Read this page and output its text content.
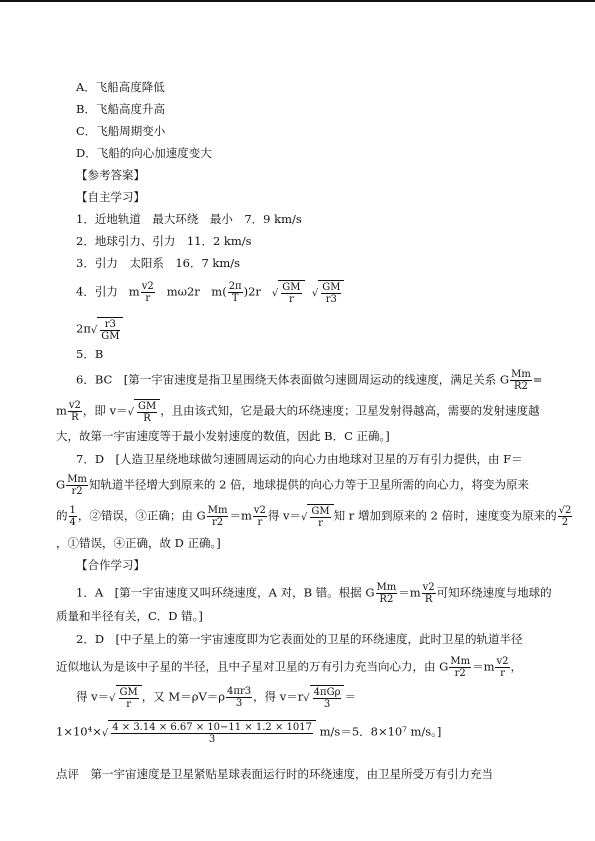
A．飞船高度降低
B．飞船高度升高
C．飞船周期变小
D．飞船的向心加速度变大
【参考答案】
【自主学习】
1．近地轨道　最大环绕　最小　7．9 km/s
2．地球引力、引力　11．2 km/s
3．引力　太阳系　16．7 km/s
4．引力 m $\frac{v2}{r} m\omega 2r$　$m( \frac{2\pi}{T} )2r$ √ $\frac{GM}{r}$ √ $\frac{GM}{r3}$
$2\pi√ \frac{r3}{GM}$
5．B
6．BC　[第一宇宙速度是指卫星围绕天体表面做匀速圆周运动的线速度，满足关系 G $\frac{Mm}{R2}$ =
m $\frac{v2}{R}$ ，即 $v=√ \frac{GM}{R}$ ，且由该式知，它是最大的环绕速度；卫星发射得越高，需要的发射速度越
大，故第一宇宙速度等于最小发射速度的数值，因此 B．C 正确。]
7．D　[人造卫星绕地球做匀速圆周运动的向心力由地球对卫星的万有引力提供，由 F＝
G $\frac{Mm}{r2}$ 知轨道半径增大到原来的 2 倍，地球提供的向心力等于卫星所需的向心力，将变为原来
的 $\frac{1}{4}$ ，②错误，③正确；由 G $\frac{Mm}{r2} =m \frac{v2}{r}$ 得 $v=√ \frac{GM}{r}$ 知 r 增加到原来的 2 倍时，速度变为原来的 $\frac{√2}{2}$
，①错误，④正确，故 D 正确。]
【合作学习】
1．A　[第一宇宙速度又叫环绕速度，A 对，B 错。根据 G $\frac{Mm}{R2} =m \frac{v2}{R}$ 可知环绕速度与地球的
质量和半径有关，C．D 错。]
2．D　[中子星上的第一宇宙速度即为它表面处的卫星的环绕速度，此时卫星的轨道半径
近似地认为是该中子星的半径，且中子星对卫星的万有引力充当向心力，由 G $\frac{Mm}{r2} =m \frac{v2}{r}$ ，
得 $v=√ \frac{GM}{r}$ ，又 $M=\rho V=\rho \frac{4\pi r3}{3}$ ，得 $v=r√ \frac{\text{4πGρ}}{3}$ ＝
$1\times 10^4\times√ \frac{4 \times 3.14 \times 6.67 \times 10-11 \times 1.2 \times 1017}{3} m/s=5$．8×10⁷ m/s。]
点评　第一宇宙速度是卫星紧贴星球表面运行时的环绕速度，由卫星所受万有引力充当
